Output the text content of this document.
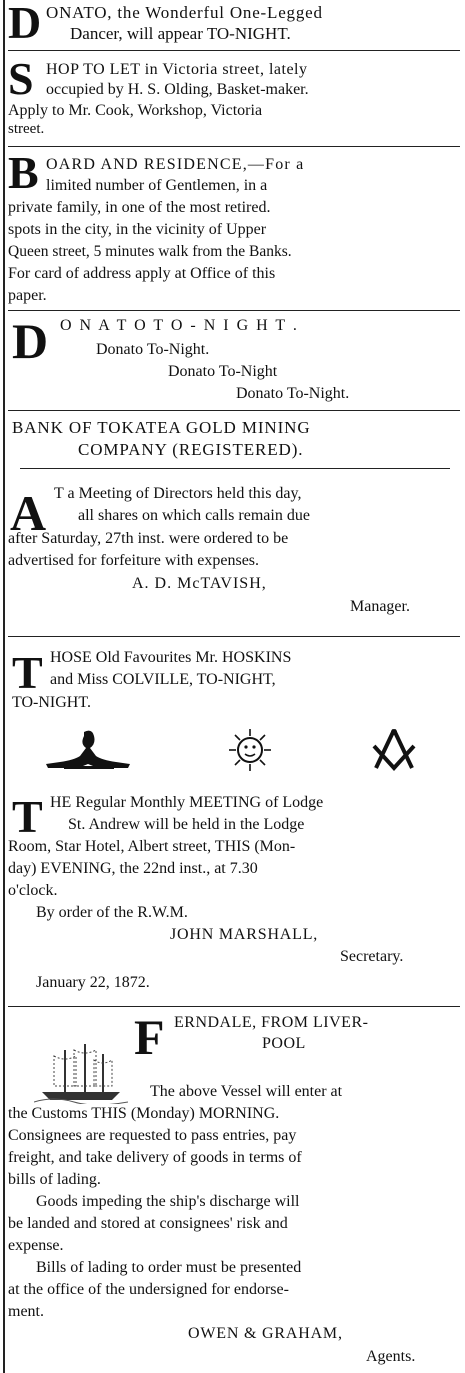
D ONATO, the Wonderful One-Legged
Dancer, will appear TO-NIGHT.
S HOP TO LET in Victoria street, lately
occupied by H. S. Olding, Basket-maker.
Apply to Mr. Cook, Workshop, Victoria
street.
B OARD AND RESIDENCE,—For a
limited number of Gentlemen, in a
private family, in one of the most retired.
spots in the city, in the vicinity of Upper
Queen street, 5 minutes walk from the Banks.
For card of address apply at Office of this
paper.
D O N A T O T O - N I G H T .
Donato To-Night.
Donato To-Night
Donato To-Night.
BANK OF TOKATEA GOLD MINING
COMPANY (REGISTERED).
A T a Meeting of Directors held this day,
all shares on which calls remain due
after Saturday, 27th inst. were ordered to be
advertised for forfeiture with expenses.
A. D. McTAVISH,
Manager.
T HOSE Old Favourites Mr. HOSKINS
and Miss COLVILLE, TO-NIGHT,
TO-NIGHT.
T HE Regular Monthly MEETING of Lodge
St. Andrew will be held in the Lodge
Room, Star Hotel, Albert street, THIS (Mon-
day) EVENING, the 22nd inst., at 7.30
o'clock.
By order of the R.W.M.
JOHN MARSHALL,
Secretary.
January 22, 1872.
F ERNDALE, FROM LIVER-
POOL
The above Vessel will enter at
the Customs THIS (Monday) MORNING.
Consignees are requested to pass entries, pay
freight, and take delivery of goods in terms of
bills of lading.
Goods impeding the ship's discharge will
be landed and stored at consignees' risk and
expense.
Bills of lading to order must be presented
at the office of the undersigned for endorse-
ment.
OWEN & GRAHAM,
Agents.
